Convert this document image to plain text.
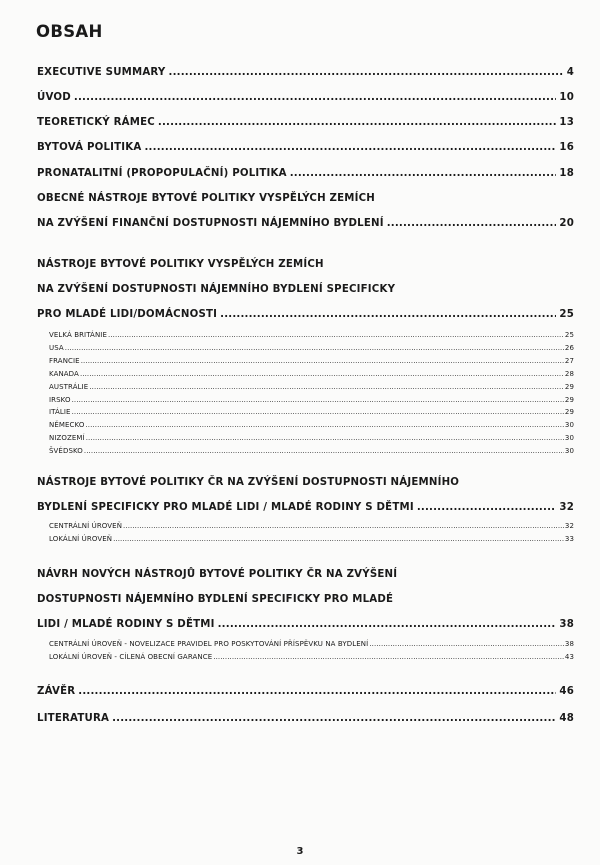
OBSAH
EXECUTIVE SUMMARY .....	4
ÚVOD .....	10
TEORETICKÝ RÁMEC .....	13
BYTOVÁ POLITIKA .....	16
PRONATALITNÍ (PROPOPULAČNÍ) POLITIKA .....	18
OBECNÉ NÁSTROJE BYTOVÉ POLITIKY VYSPĚLÝCH ZEMÍCH
NA ZVÝŠENÍ FINANČNÍ DOSTUPNOSTI NÁJEMNÍHO BYDLENÍ .....	20
NÁSTROJE BYTOVÉ POLITIKY VYSPĚLÝCH ZEMÍCH
NA ZVÝŠENÍ DOSTUPNOSTI NÁJEMNÍHO BYDLENÍ SPECIFICKY
PRO MLADÉ LIDI/DOMÁCNOSTI .....	25
VELKÁ BRITÁNIE .....	25
USA .....	26
FRANCIE .....	27
KANADA .....	28
AUSTRÁLIE .....	29
IRSKO .....	29
ITÁLIE .....	29
NĚMECKO .....	30
NIZOZEMÍ .....	30
ŠVÉDSKO .....	30
NÁSTROJE BYTOVÉ POLITIKY ČR NA ZVÝŠENÍ DOSTUPNOSTI NÁJEMNÍHO
BYDLENÍ SPECIFICKY PRO MLADÉ LIDI / MLADÉ RODINY S DĚTMI .....	32
CENTRÁLNÍ ÚROVEŇ .....	32
LOKÁLNÍ ÚROVEŇ .....	33
NÁVRH NOVÝCH NÁSTROJŮ BYTOVÉ POLITIKY ČR NA ZVÝŠENÍ
DOSTUPNOSTI NÁJEMNÍHO BYDLENÍ SPECIFICKY PRO MLADÉ
LIDI / MLADÉ RODINY S DĚTMI .....	38
CENTRÁLNÍ ÚROVEŇ - NOVELIZACE PRAVIDEL PRO POSKYTOVÁNÍ PŘÍSPĚVKU NA BYDLENÍ .....	38
LOKÁLNÍ ÚROVEŇ - CÍLENÁ OBECNÍ GARANCE .....	43
ZÁVĚR .....	46
LITERATURA .....	48
3
